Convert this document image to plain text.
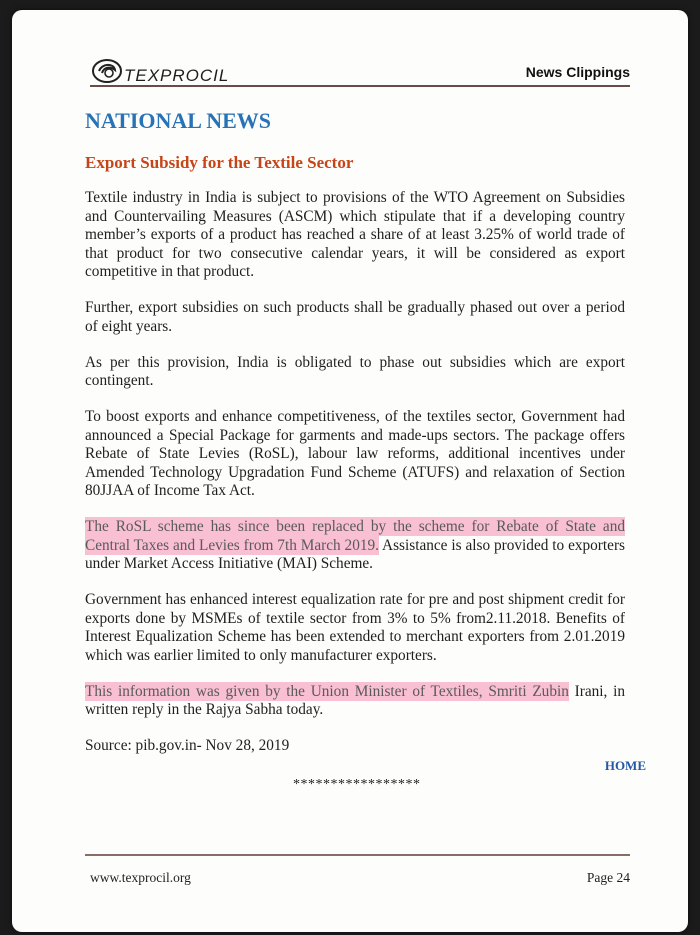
TEXPROCIL	News Clippings
NATIONAL NEWS
Export Subsidy for the Textile Sector

Textile industry in India is subject to provisions of the WTO Agreement on Subsidies and Countervailing Measures (ASCM) which stipulate that if a developing country member’s exports of a product has reached a share of at least 3.25% of world trade of that product for two consecutive calendar years, it will be considered as export competitive in that product.

Further, export subsidies on such products shall be gradually phased out over a period of eight years.

As per this provision, India is obligated to phase out subsidies which are export contingent.

To boost exports and enhance competitiveness, of the textiles sector, Government had announced a Special Package for garments and made-ups sectors. The package offers Rebate of State Levies (RoSL), labour law reforms, additional incentives under Amended Technology Upgradation Fund Scheme (ATUFS) and relaxation of Section 80JJAA of Income Tax Act.

The RoSL scheme has since been replaced by the scheme for Rebate of State and Central Taxes and Levies from 7th March 2019. Assistance is also provided to exporters under Market Access Initiative (MAI) Scheme.

Government has enhanced interest equalization rate for pre and post shipment credit for exports done by MSMEs of textile sector from 3% to 5% from2.11.2018. Benefits of Interest Equalization Scheme has been extended to merchant exporters from 2.01.2019 which was earlier limited to only manufacturer exporters.

This information was given by the Union Minister of Textiles, Smriti Zubin Irani, in written reply in the Rajya Sabha today.

Source: pib.gov.in- Nov 28, 2019

HOME
*****************
www.texprocil.org	Page 24
